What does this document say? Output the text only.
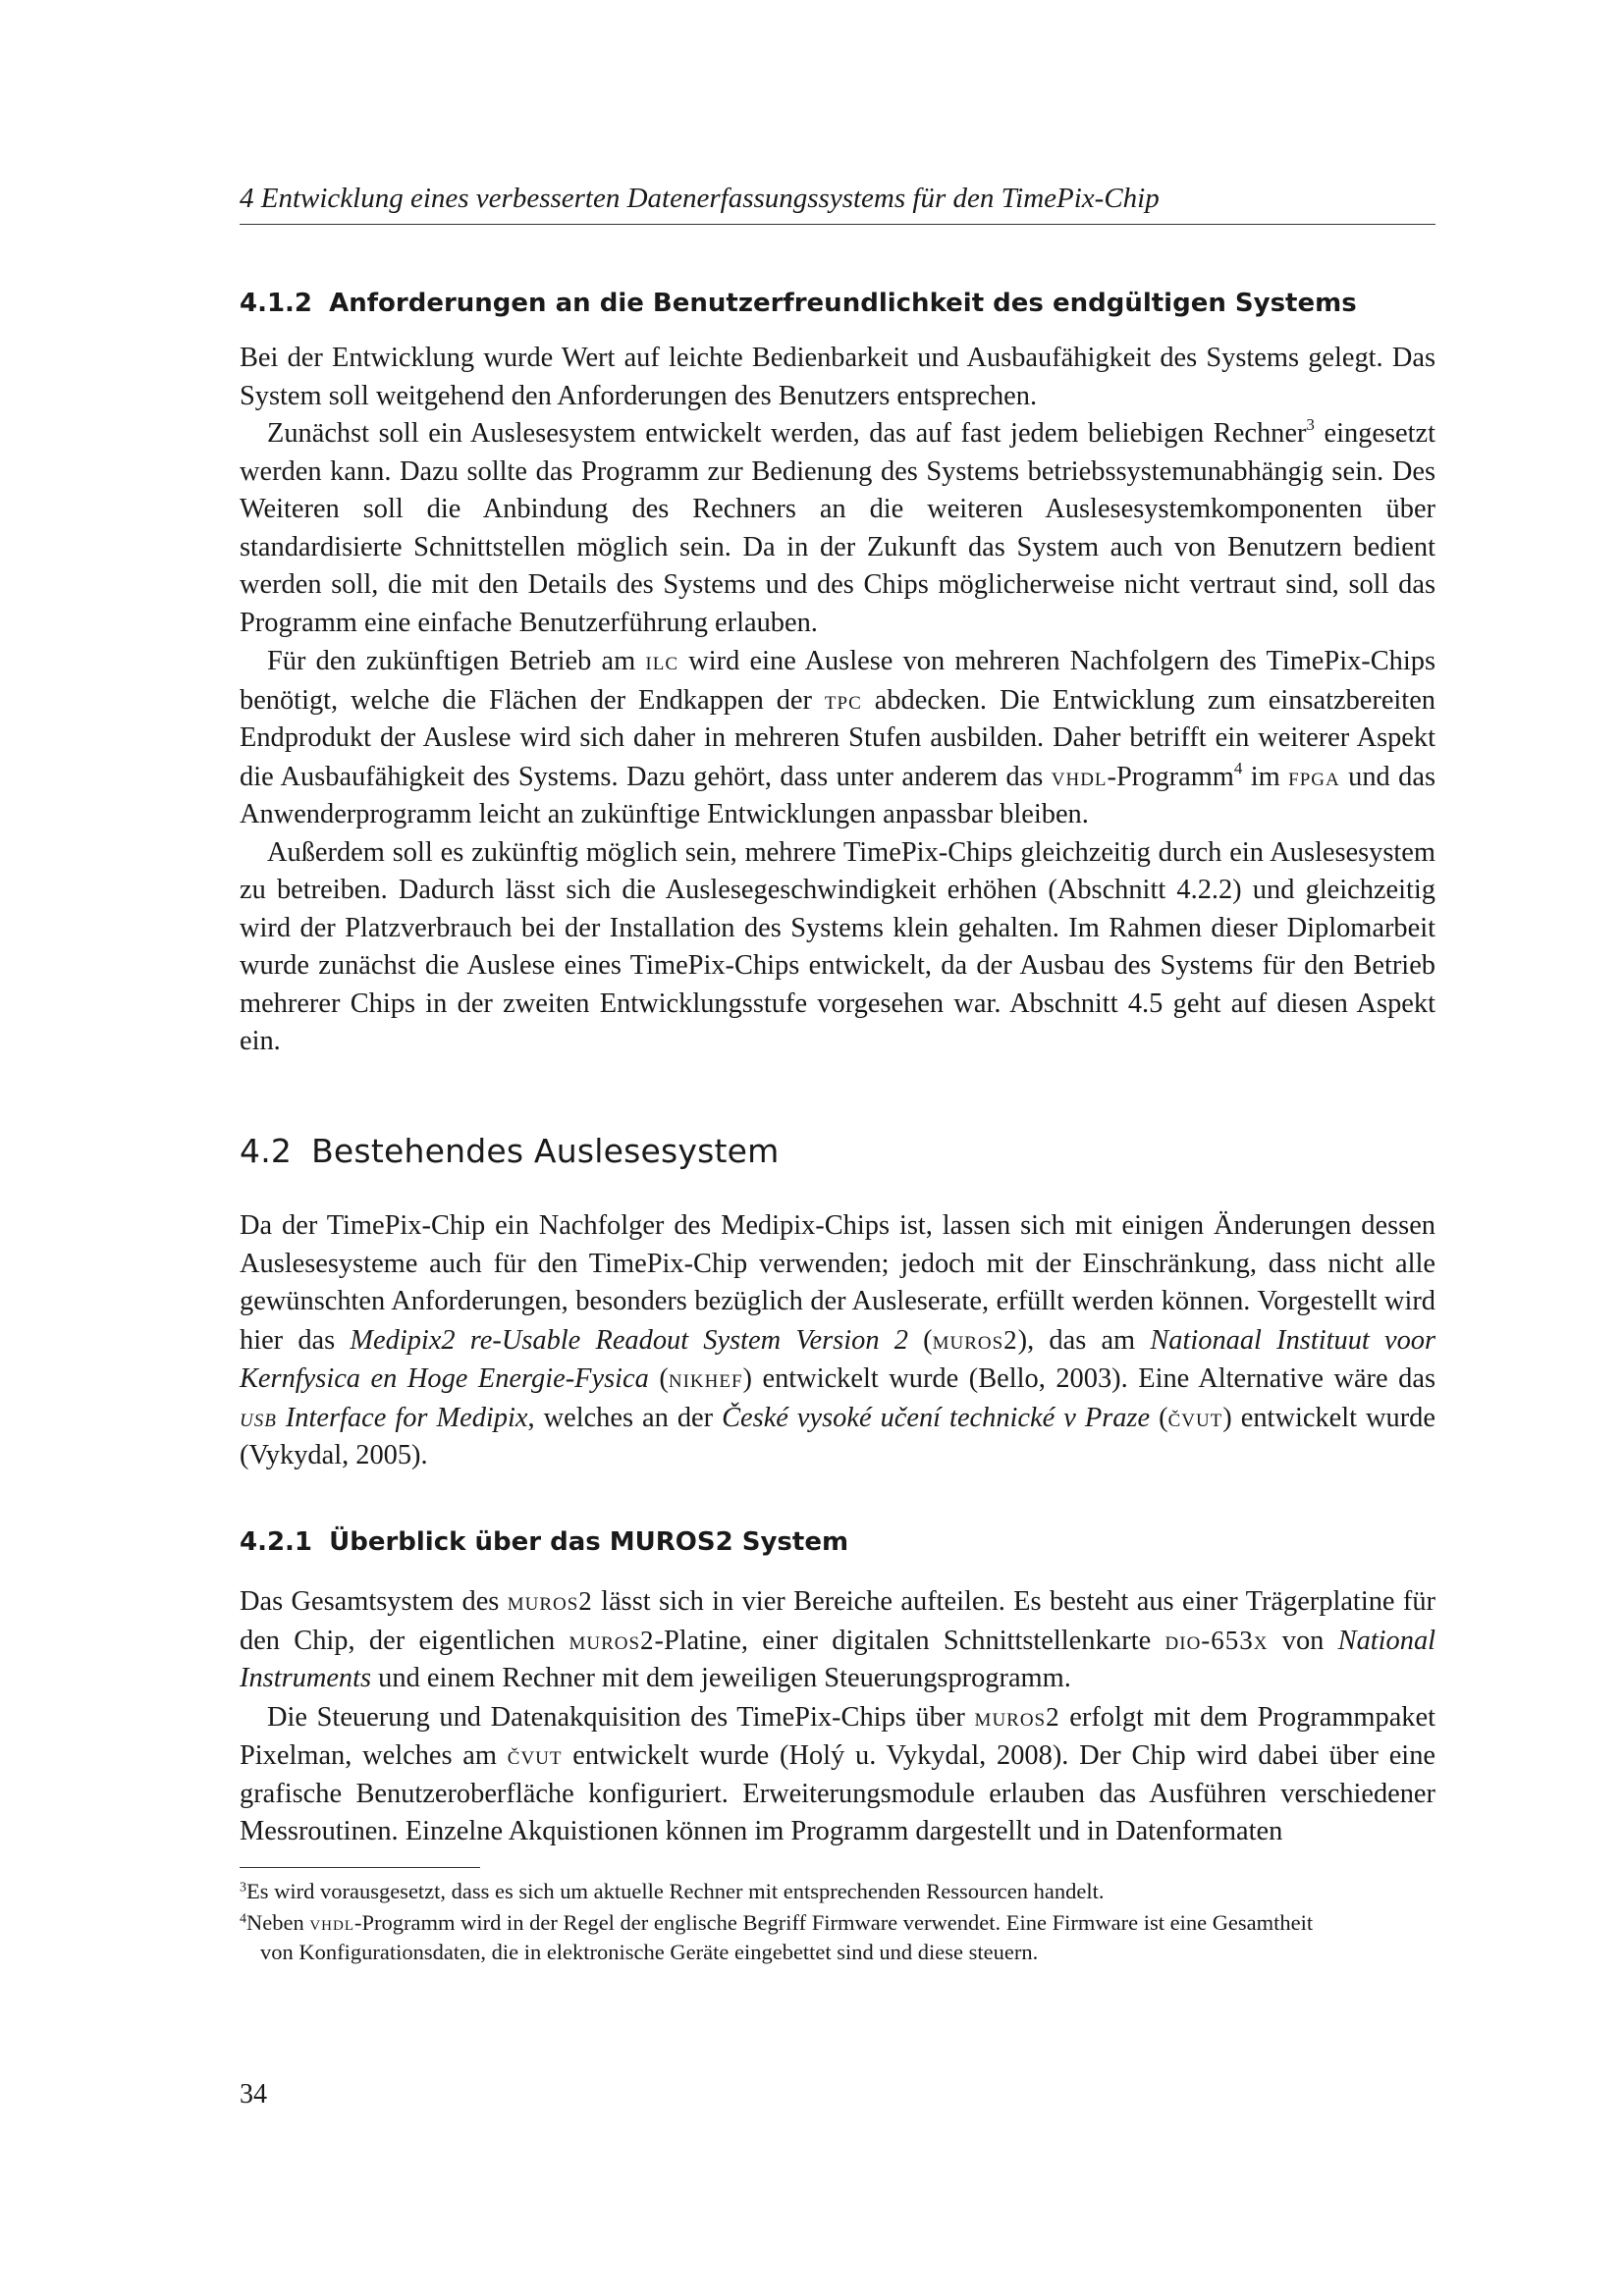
4 Entwicklung eines verbesserten Datenerfassungssystems für den TimePix-Chip
4.1.2 Anforderungen an die Benutzerfreundlichkeit des endgültigen Systems

Bei der Entwicklung wurde Wert auf leichte Bedienbarkeit und Ausbaufähigkeit des Systems gelegt. Das System soll weitgehend den Anforderungen des Benutzers entsprechen.

Zunächst soll ein Auslesesystem entwickelt werden, das auf fast jedem beliebigen Rechner$^3$ eingesetzt werden kann. Dazu sollte das Programm zur Bedienung des Systems betriebssystemunabhängig sein. Des Weiteren soll die Anbindung des Rechners an die weiteren Auslesesystemkomponenten über standardisierte Schnittstellen möglich sein. Da in der Zukunft das System auch von Benutzern bedient werden soll, die mit den Details des Systems und des Chips möglicherweise nicht vertraut sind, soll das Programm eine einfache Benutzerführung erlauben.

Für den zukünftigen Betrieb am ilc wird eine Auslese von mehreren Nachfolgern des TimePix-Chips benötigt, welche die Flächen der Endkappen der tpc abdecken. Die Entwicklung zum einsatzbereiten Endprodukt der Auslese wird sich daher in mehreren Stufen ausbilden. Daher betrifft ein weiterer Aspekt die Ausbaufähigkeit des Systems. Dazu gehört, dass unter anderem das vhdl-Programm$^4$ im fpga und das Anwenderprogramm leicht an zukünftige Entwicklungen anpassbar bleiben.

Außerdem soll es zukünftig möglich sein, mehrere TimePix-Chips gleichzeitig durch ein Auslesesystem zu betreiben. Dadurch lässt sich die Auslesegeschwindigkeit erhöhen (Abschnitt 4.2.2) und gleichzeitig wird der Platzverbrauch bei der Installation des Systems klein gehalten. Im Rahmen dieser Diplomarbeit wurde zunächst die Auslese eines TimePix-Chips entwickelt, da der Ausbau des Systems für den Betrieb mehrerer Chips in der zweiten Entwicklungsstufe vorgesehen war. Abschnitt 4.5 geht auf diesen Aspekt ein.

4.2 Bestehendes Auslesesystem

Da der TimePix-Chip ein Nachfolger des Medipix-Chips ist, lassen sich mit einigen Änderungen dessen Auslesesysteme auch für den TimePix-Chip verwenden; jedoch mit der Einschränkung, dass nicht alle gewünschten Anforderungen, besonders bezüglich der Ausleserate, erfüllt werden können. Vorgestellt wird hier das Medipix2 re-Usable Readout System Version 2 (muros2), das am Nationaal Instituut voor Kernfysica en Hoge Energie-Fysica (nikhef) entwickelt wurde (Bello, 2003). Eine Alternative wäre das usb Interface for Medipix, welches an der České vysoké učení technické v Praze (čvut) entwickelt wurde (Vykydal, 2005).

4.2.1 Überblick über das MUROS2 System

Das Gesamtsystem des muros2 lässt sich in vier Bereiche aufteilen. Es besteht aus einer Trägerplatine für den Chip, der eigentlichen muros2-Platine, einer digitalen Schnittstellenkarte dio-653x von National Instruments und einem Rechner mit dem jeweiligen Steuerungsprogramm.

Die Steuerung und Datenakquisition des TimePix-Chips über muros2 erfolgt mit dem Programmpaket Pixelman, welches am čvut entwickelt wurde (Holý u. Vykydal, 2008). Der Chip wird dabei über eine grafische Benutzeroberfläche konfiguriert. Erweiterungsmodule erlauben das Ausführen verschiedener Messroutinen. Einzelne Akquistionen können im Programm dargestellt und in Datenformaten

$^3$Es wird vorausgesetzt, dass es sich um aktuelle Rechner mit entsprechenden Ressourcen handelt.

$^4$Neben vhdl-Programm wird in der Regel der englische Begriff Firmware verwendet. Eine Firmware ist eine Gesamtheit
von Konfigurationsdaten, die in elektronische Geräte eingebettet sind und diese steuern.

34
